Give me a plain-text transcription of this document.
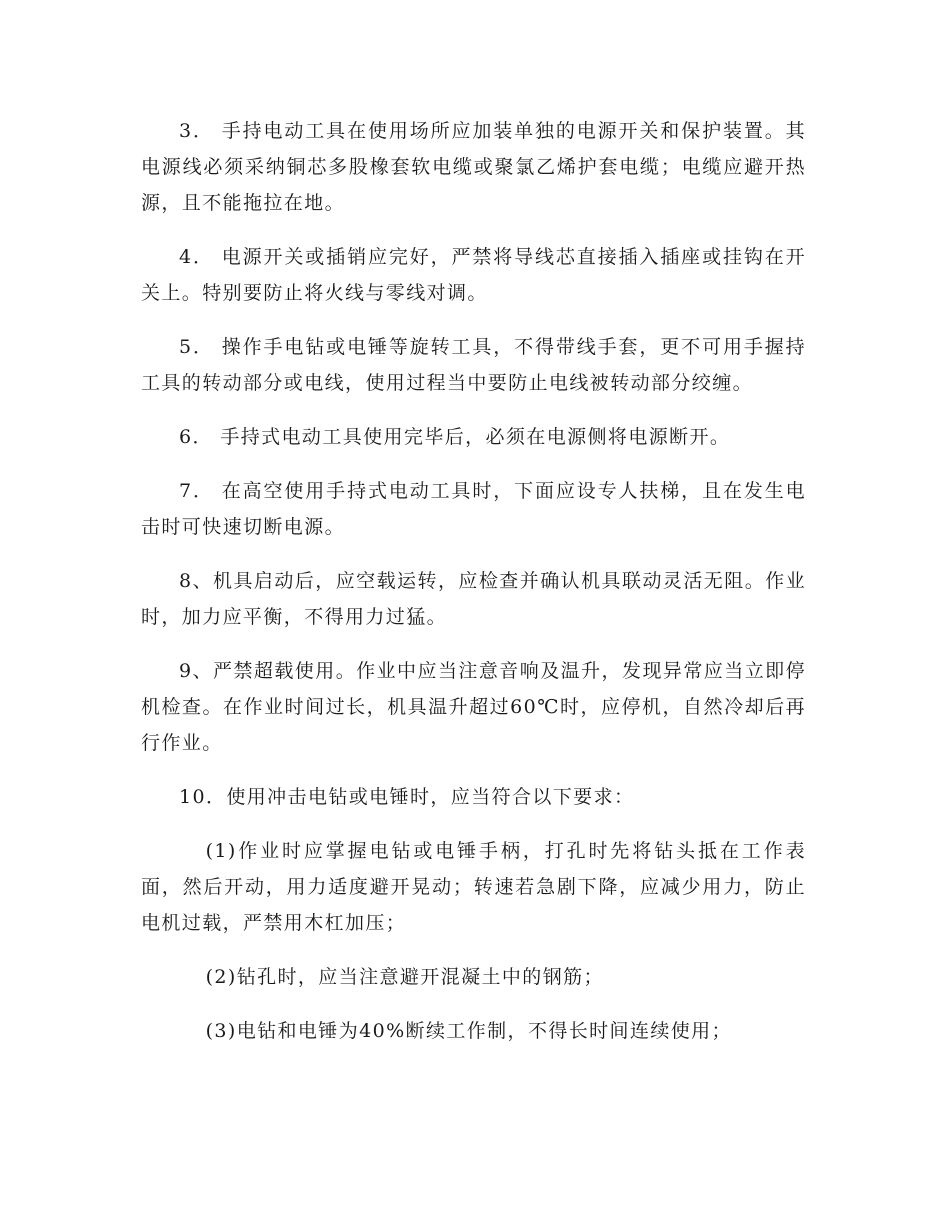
3． 手持电动工具在使用场所应加装单独的电源开关和保护装置。其电源线必须采纳铜芯多股橡套软电缆或聚氯乙烯护套电缆；电缆应避开热源，且不能拖拉在地。

4． 电源开关或插销应完好，严禁将导线芯直接插入插座或挂钩在开关上。特别要防止将火线与零线对调。

5． 操作手电钻或电锤等旋转工具，不得带线手套，更不可用手握持工具的转动部分或电线，使用过程当中要防止电线被转动部分绞缠。

6． 手持式电动工具使用完毕后，必须在电源侧将电源断开。

7． 在高空使用手持式电动工具时，下面应设专人扶梯，且在发生电击时可快速切断电源。

8、机具启动后，应空载运转，应检查并确认机具联动灵活无阻。作业时，加力应平衡，不得用力过猛。

9、严禁超载使用。作业中应当注意音响及温升，发现异常应当立即停机检查。在作业时间过长，机具温升超过60℃时，应停机，自然冷却后再行作业。

10．使用冲击电钻或电锤时，应当符合以下要求：

(1)作业时应掌握电钻或电锤手柄，打孔时先将钻头抵在工作表面，然后开动，用力适度避开晃动；转速若急剧下降，应减少用力，防止电机过载，严禁用木杠加压；

(2)钻孔时，应当注意避开混凝土中的钢筋；

(3)电钻和电锤为40%断续工作制，不得长时间连续使用；
